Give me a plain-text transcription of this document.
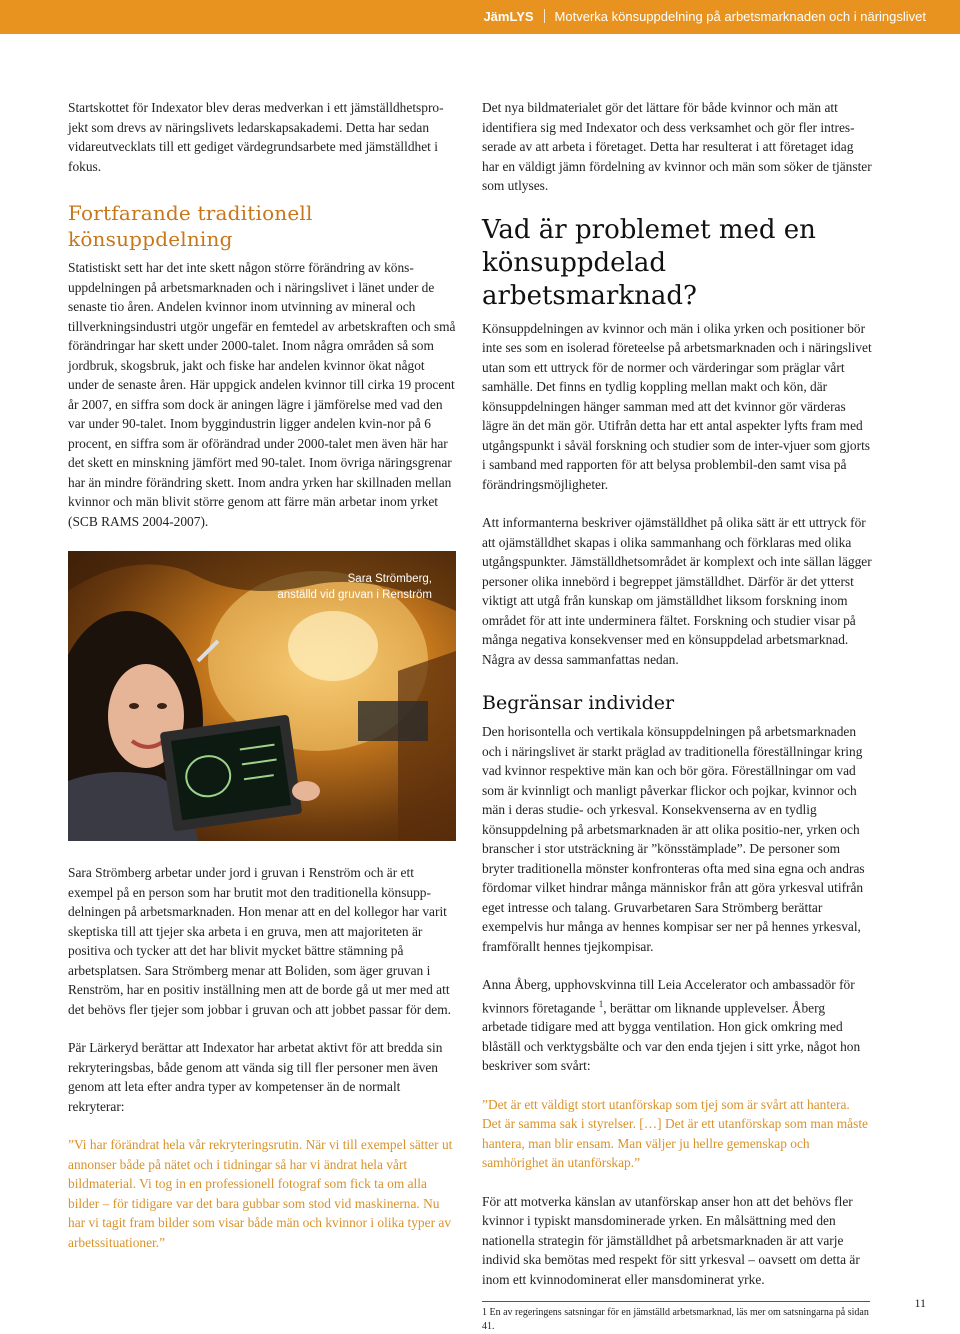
JämLYS Motverka könsuppdelning på arbetsmarknaden och i näringslivet

Startskottet för Indexator blev deras medverkan i ett jämställdhetspro-jekt som drevs av näringslivets ledarskapsakademi. Detta har sedan vidareutvecklats till ett gediget värdegrundsarbete med jämställdhet i fokus.

Fortfarande traditionell könsuppdelning

Statistiskt sett har det inte skett någon större förändring av köns-uppdelningen på arbetsmarknaden och i näringslivet i länet under de senaste tio åren. Andelen kvinnor inom utvinning av mineral och tillverkningsindustri utgör ungefär en femtedel av arbetskraften och små förändringar har skett under 2000-talet. Inom några områden så som jordbruk, skogsbruk, jakt och fiske har andelen kvinnor ökat något under de senaste åren. Här uppgick andelen kvinnor till cirka 19 procent år 2007, en siffra som dock är aningen lägre i jämförelse med vad den var under 90-talet. Inom byggindustrin ligger andelen kvin-nor på 6 procent, en siffra som är oförändrad under 2000-talet men även här har det skett en minskning jämfört med 90-talet. Inom övriga näringsgrenar har än mindre förändring skett. Inom andra yrken har skillnaden mellan kvinnor och män blivit större genom att färre män arbetar inom yrket (SCB RAMS 2004-2007).

Sara Strömberg,
anställd vid gruvan i Renström

Sara Strömberg arbetar under jord i gruvan i Renström och är ett exempel på en person som har brutit mot den traditionella könsupp-delningen på arbetsmarknaden. Hon menar att en del kollegor har varit skeptiska till att tjejer ska arbeta i en gruva, men att majoriteten är positiva och tycker att det har blivit mycket bättre stämning på arbetsplatsen. Sara Strömberg menar att Boliden, som äger gruvan i Renström, har en positiv inställning men att de borde gå ut mer med att det behövs fler tjejer som jobbar i gruvan och att jobbet passar för dem.

Pär Lärkeryd berättar att Indexator har arbetat aktivt för att bredda sin rekryteringsbas, både genom att vända sig till fler personer men även genom att leta efter andra typer av kompetenser än de normalt rekryterar:

”Vi har förändrat hela vår rekryteringsrutin. När vi till exempel sätter ut annonser både på nätet och i tidningar så har vi ändrat hela vårt bildmaterial. Vi tog in en professionell fotograf som fick ta om alla bilder – för tidigare var det bara gubbar som stod vid maskinerna. Nu har vi tagit fram bilder som visar både män och kvinnor i olika typer av arbetssituationer.”

Det nya bildmaterialet gör det lättare för både kvinnor och män att identifiera sig med Indexator och dess verksamhet och gör fler intres-serade av att arbeta i företaget. Detta har resulterat i att företaget idag har en väldigt jämn fördelning av kvinnor och män som söker de tjänster som utlyses.

Vad är problemet med en könsuppdelad arbetsmarknad?

Könsuppdelningen av kvinnor och män i olika yrken och positioner bör inte ses som en isolerad företeelse på arbetsmarknaden och i näringslivet utan som ett uttryck för de normer och värderingar som präglar vårt samhälle. Det finns en tydlig koppling mellan makt och kön, där könsuppdelningen hänger samman med att det kvinnor gör värderas lägre än det män gör. Utifrån detta har ett antal aspekter lyfts fram med utgångspunkt i såväl forskning och studier som de inter-vjuer som gjorts i samband med rapporten för att belysa problembil-den samt visa på förändringsmöjligheter.

Att informanterna beskriver ojämställdhet på olika sätt är ett uttryck för att ojämställdhet skapas i olika sammanhang och förklaras med olika utgångspunkter. Jämställdhetsområdet är komplext och inte sällan lägger personer olika innebörd i begreppet jämställdhet. Därför är det ytterst viktigt att utgå från kunskap om jämställdhet liksom forskning inom området för att inte underminera fältet. Forskning och studier visar på många negativa konsekvenser med en könsuppdelad arbetsmarknad. Några av dessa sammanfattas nedan.

Begränsar individer

Den horisontella och vertikala könsuppdelningen på arbetsmarknaden och i näringslivet är starkt präglad av traditionella föreställningar kring vad kvinnor respektive män kan och bör göra. Föreställningar om vad som är kvinnligt och manligt påverkar flickor och pojkar, kvinnor och män i deras studie- och yrkesval. Konsekvenserna av en tydlig könsuppdelning på arbetsmarknaden är att olika positio-ner, yrken och branscher i stor utsträckning är ”könsstämplade”. De personer som bryter traditionella mönster konfronteras ofta med sina egna och andras fördomar vilket hindrar många människor från att göra yrkesval utifrån eget intresse och talang. Gruvarbetaren Sara Strömberg berättar exempelvis hur många av hennes kompisar ser ner på hennes yrkesval, framförallt hennes tjejkompisar.

Anna Åberg, upphovskvinna till Leia Accelerator och ambassadör för kvinnors företagande $^1$, berättar om liknande upplevelser. Åberg arbetade tidigare med att bygga ventilation. Hon gick omkring med blåställ och verktygsbälte och var den enda tjejen i sitt yrke, något hon beskriver som svårt:

”Det är ett väldigt stort utanförskap som tjej som är svårt att hantera. Det är samma sak i styrelser. […] Det är ett utanförskap som man måste hantera, man blir ensam. Man väljer ju hellre gemenskap och samhörighet än utanförskap.”

För att motverka känslan av utanförskap anser hon att det behövs fler kvinnor i typiskt mansdominerade yrken. En målsättning med den nationella strategin för jämställdhet på arbetsmarknaden är att varje individ ska bemötas med respekt för sitt yrkesval – oavsett om detta är inom ett kvinnodominerat eller mansdominerat yrke.

1 En av regeringens satsningar för en jämställd arbetsmarknad, läs mer om satsningarna på sidan 41.
11
